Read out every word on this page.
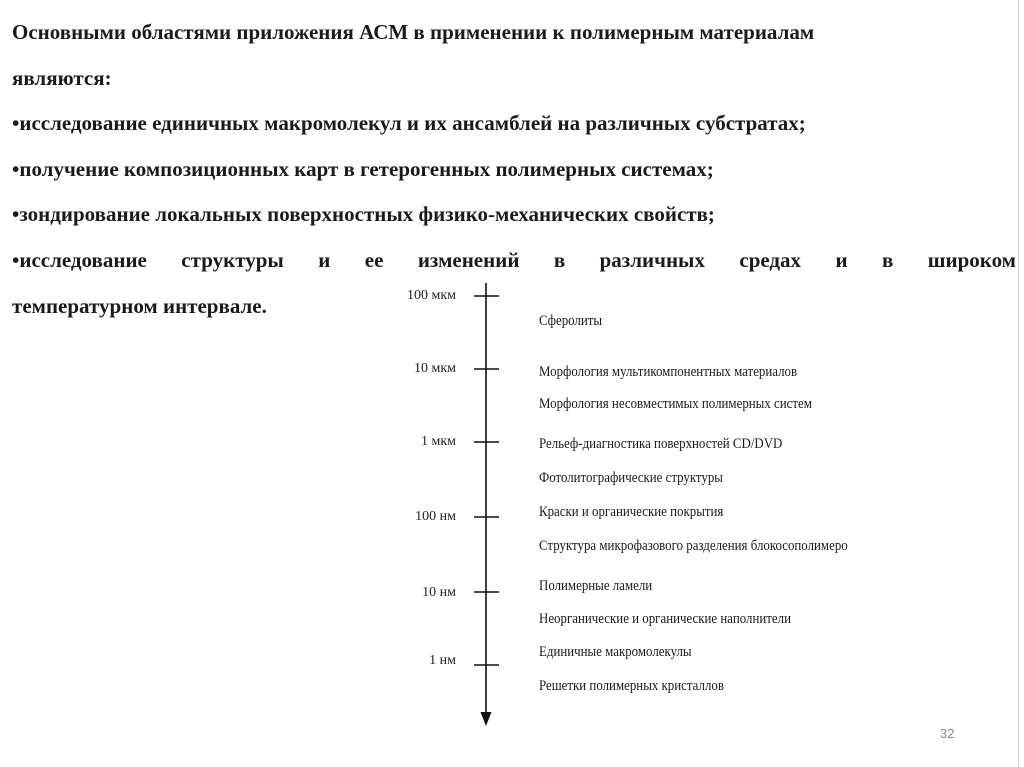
Основными областями приложения АСМ в применении к полимерным материалам
являются:
•исследование единичных макромолекул и их ансамблей на различных субстратах;
•получение композиционных карт в гетерогенных полимерных системах;
•зондирование локальных поверхностных физико-механических свойств;
•исследование структуры и ее изменений в различных средах и в широком
температурном интервале.	100 мкм
10 мкм
1 мкм
100 нм
10 нм
1 нм
Сферолиты
Морфология мультикомпонентных материалов
Морфология несовместимых полимерных систем
Рельеф-диагностика поверхностей CD/DVD
Фотолитографические структуры
Краски и органические покрытия
Структура микрофазового разделения блокосополимеро
Полимерные ламели
Неорганические и органические наполнители
Единичные макромолекулы
Решетки полимерных кристаллов
32
